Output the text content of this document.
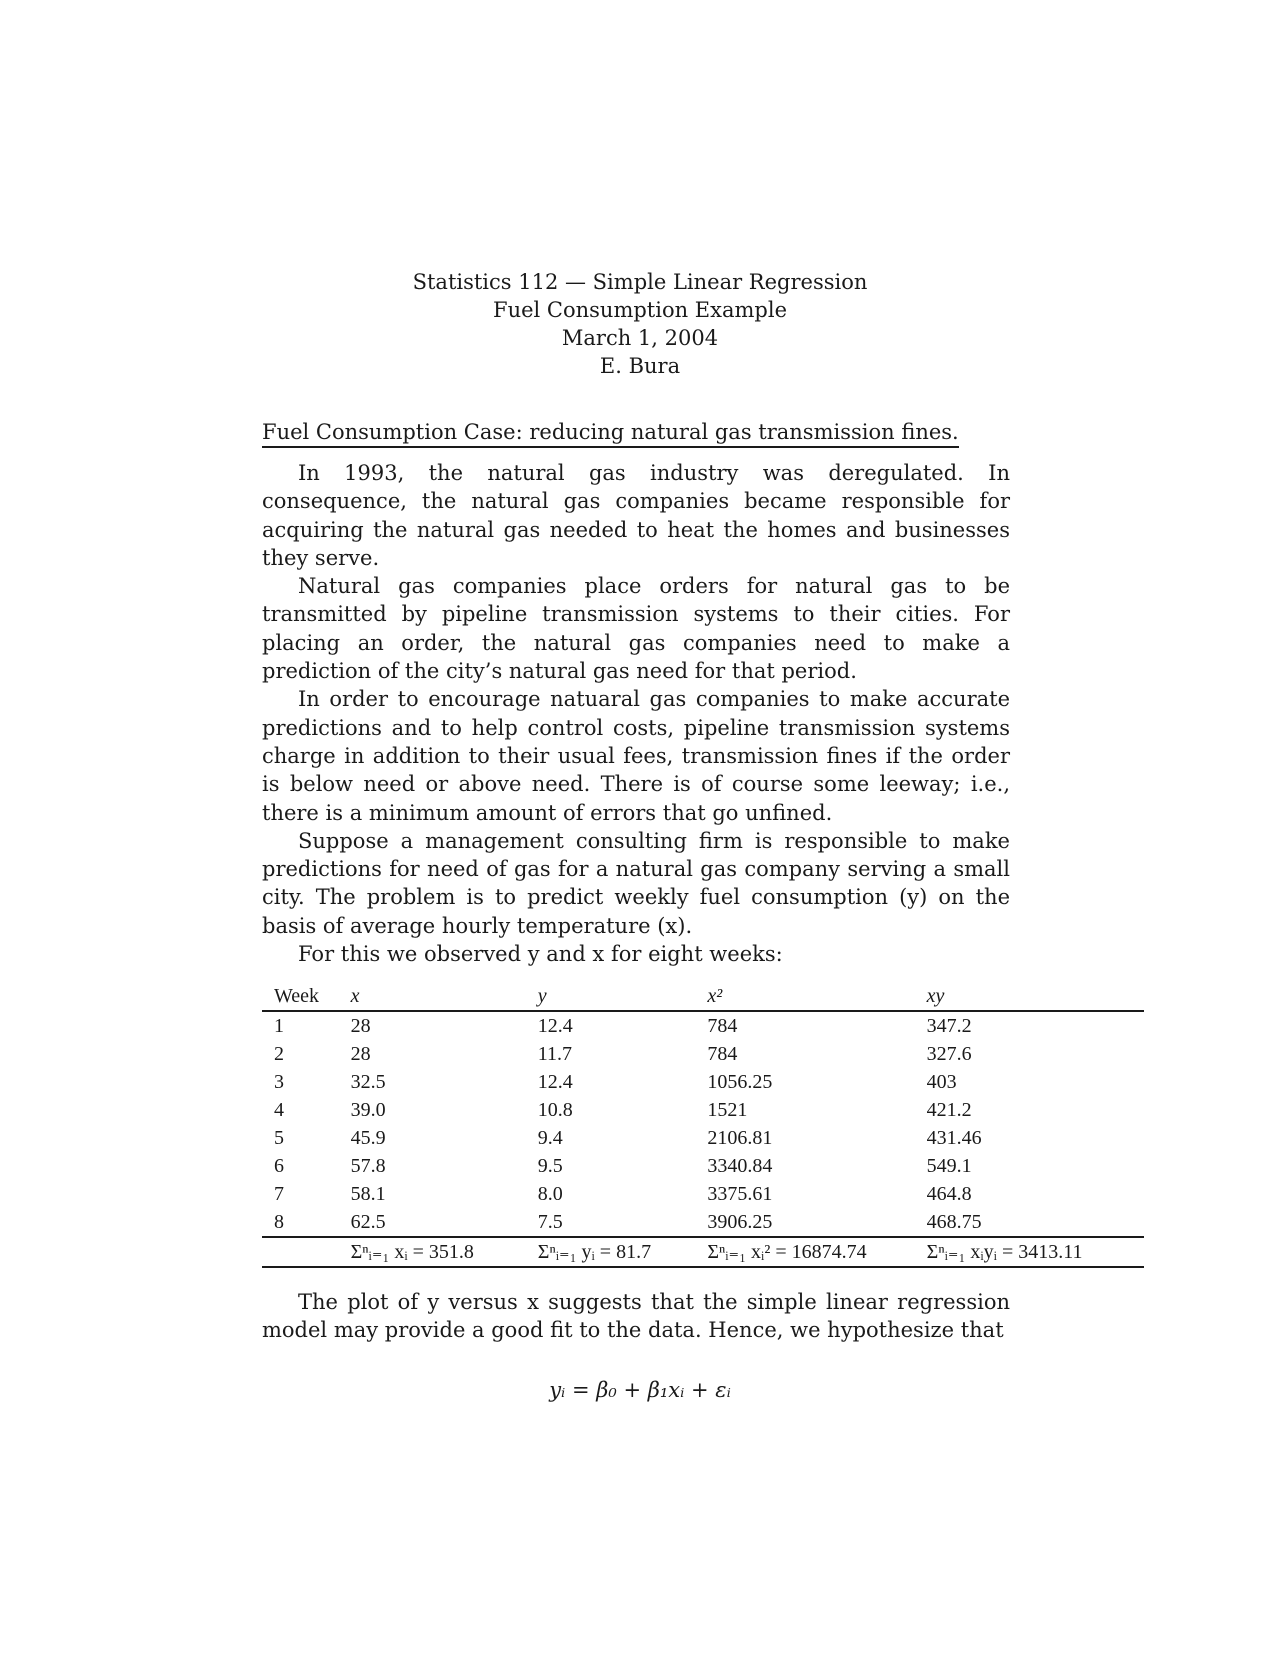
Statistics 112 — Simple Linear Regression
Fuel Consumption Example
March 1, 2004
E. Bura
Fuel Consumption Case: reducing natural gas transmission fines.

In 1993, the natural gas industry was deregulated. In consequence, the natural gas companies became responsible for acquiring the natural gas needed to heat the homes and businesses they serve.

Natural gas companies place orders for natural gas to be transmitted by pipeline transmission systems to their cities. For placing an order, the natural gas companies need to make a prediction of the city’s natural gas need for that period.

In order to encourage natuaral gas companies to make accurate predictions and to help control costs, pipeline transmission systems charge in addition to their usual fees, transmission fines if the order is below need or above need. There is of course some leeway; i.e., there is a minimum amount of errors that go unfined.

Suppose a management consulting firm is responsible to make predictions for need of gas for a natural gas company serving a small city. The problem is to predict weekly fuel consumption (y) on the basis of average hourly temperature (x).

For this we observed y and x for eight weeks:

Week	x	y	x²	xy
1	28	12.4	784	347.2
2	28	11.7	784	327.6
3	32.5	12.4	1056.25	403
4	39.0	10.8	1521	421.2
5	45.9	9.4	2106.81	431.46
6	57.8	9.5	3340.84	549.1
7	58.1	8.0	3375.61	464.8
8	62.5	7.5	3906.25	468.75
	Σⁿᵢ₌₁ xᵢ = 351.8	Σⁿᵢ₌₁ yᵢ = 81.7	Σⁿᵢ₌₁ xᵢ² = 16874.74	Σⁿᵢ₌₁ xᵢyᵢ = 3413.11

The plot of y versus x suggests that the simple linear regression model may provide a good fit to the data. Hence, we hypothesize that

yᵢ = β₀ + β₁xᵢ + εᵢ
